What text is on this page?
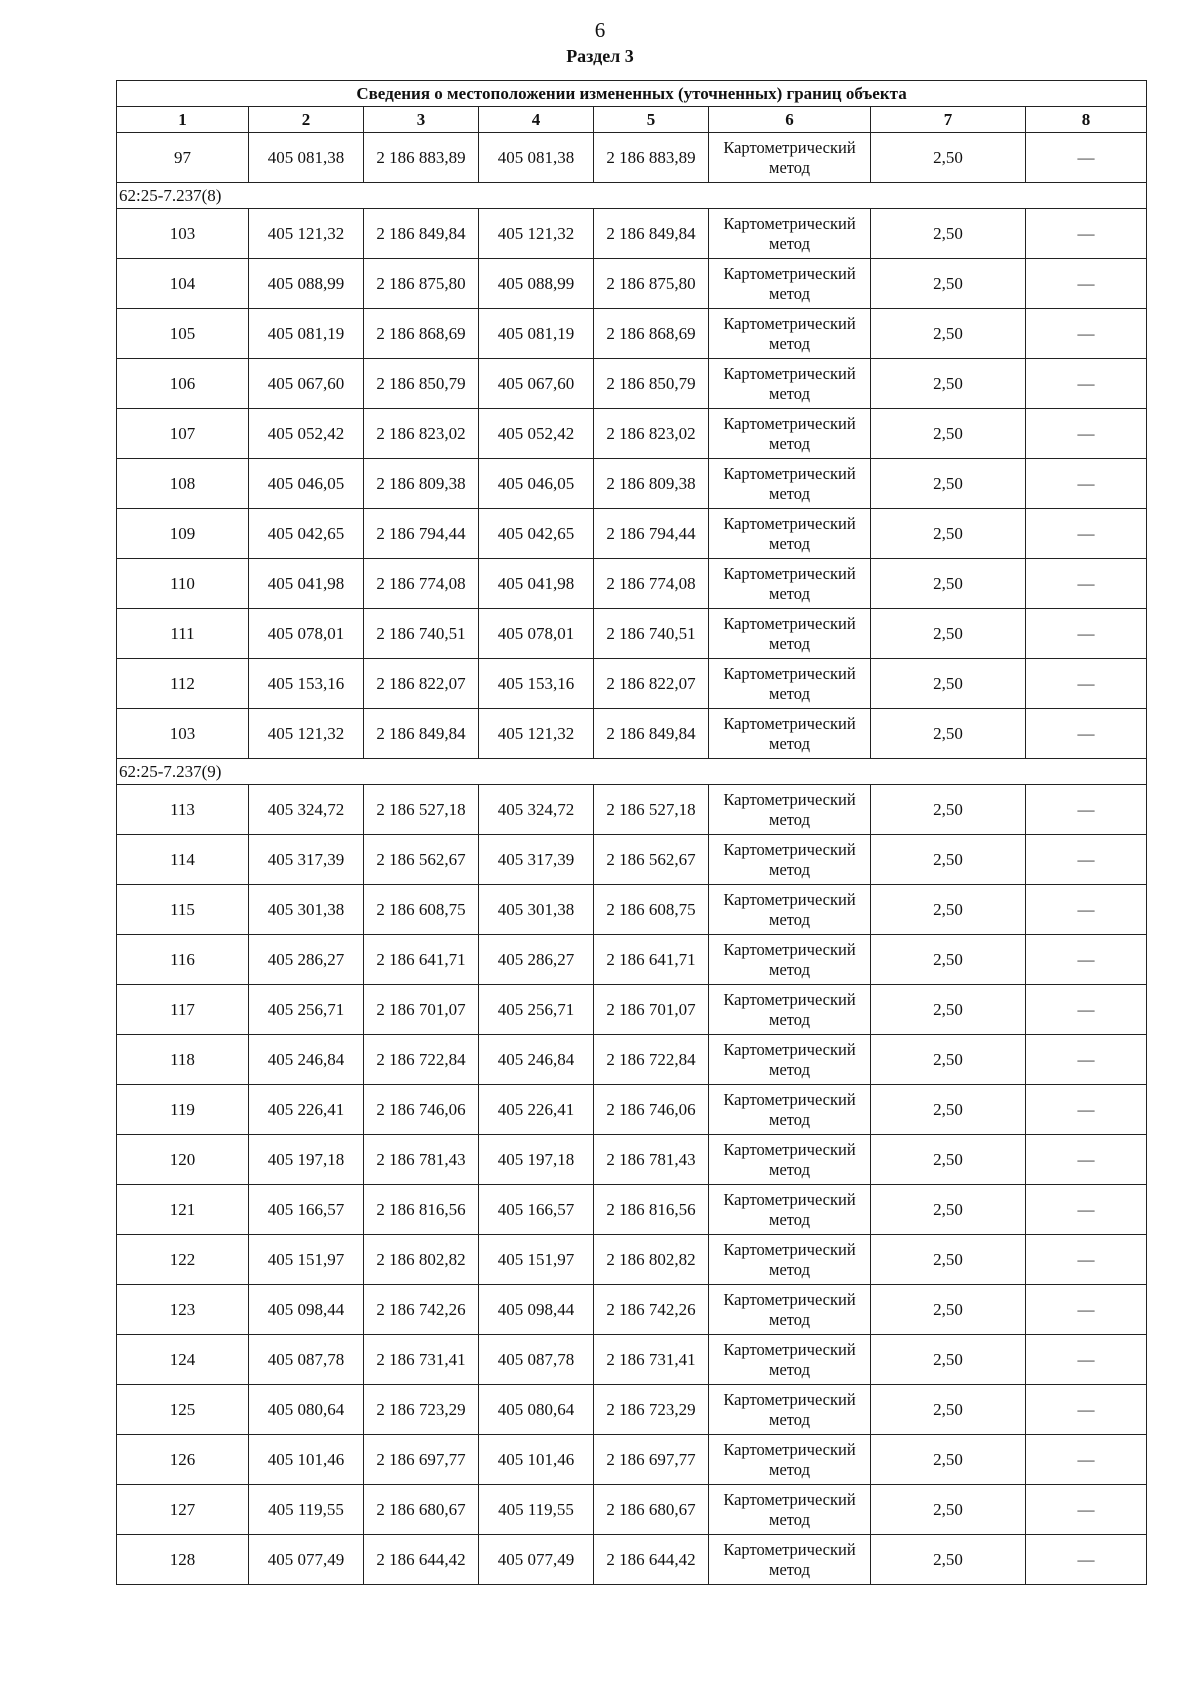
6
Раздел 3
Сведения о местоположении измененных (уточненных) границ объекта							
1	2	3	4	5	6	7	8
97	405 081,38	2 186 883,89	405 081,38	2 186 883,89	Картометрический метод	2,50	—
62:25-7.237(8)							
103	405 121,32	2 186 849,84	405 121,32	2 186 849,84	Картометрический метод	2,50	—
104	405 088,99	2 186 875,80	405 088,99	2 186 875,80	Картометрический метод	2,50	—
105	405 081,19	2 186 868,69	405 081,19	2 186 868,69	Картометрический метод	2,50	—
106	405 067,60	2 186 850,79	405 067,60	2 186 850,79	Картометрический метод	2,50	—
107	405 052,42	2 186 823,02	405 052,42	2 186 823,02	Картометрический метод	2,50	—
108	405 046,05	2 186 809,38	405 046,05	2 186 809,38	Картометрический метод	2,50	—
109	405 042,65	2 186 794,44	405 042,65	2 186 794,44	Картометрический метод	2,50	—
110	405 041,98	2 186 774,08	405 041,98	2 186 774,08	Картометрический метод	2,50	—
111	405 078,01	2 186 740,51	405 078,01	2 186 740,51	Картометрический метод	2,50	—
112	405 153,16	2 186 822,07	405 153,16	2 186 822,07	Картометрический метод	2,50	—
103	405 121,32	2 186 849,84	405 121,32	2 186 849,84	Картометрический метод	2,50	—
62:25-7.237(9)							
113	405 324,72	2 186 527,18	405 324,72	2 186 527,18	Картометрический метод	2,50	—
114	405 317,39	2 186 562,67	405 317,39	2 186 562,67	Картометрический метод	2,50	—
115	405 301,38	2 186 608,75	405 301,38	2 186 608,75	Картометрический метод	2,50	—
116	405 286,27	2 186 641,71	405 286,27	2 186 641,71	Картометрический метод	2,50	—
117	405 256,71	2 186 701,07	405 256,71	2 186 701,07	Картометрический метод	2,50	—
118	405 246,84	2 186 722,84	405 246,84	2 186 722,84	Картометрический метод	2,50	—
119	405 226,41	2 186 746,06	405 226,41	2 186 746,06	Картометрический метод	2,50	—
120	405 197,18	2 186 781,43	405 197,18	2 186 781,43	Картометрический метод	2,50	—
121	405 166,57	2 186 816,56	405 166,57	2 186 816,56	Картометрический метод	2,50	—
122	405 151,97	2 186 802,82	405 151,97	2 186 802,82	Картометрический метод	2,50	—
123	405 098,44	2 186 742,26	405 098,44	2 186 742,26	Картометрический метод	2,50	—
124	405 087,78	2 186 731,41	405 087,78	2 186 731,41	Картометрический метод	2,50	—
125	405 080,64	2 186 723,29	405 080,64	2 186 723,29	Картометрический метод	2,50	—
126	405 101,46	2 186 697,77	405 101,46	2 186 697,77	Картометрический метод	2,50	—
127	405 119,55	2 186 680,67	405 119,55	2 186 680,67	Картометрический метод	2,50	—
128	405 077,49	2 186 644,42	405 077,49	2 186 644,42	Картометрический метод	2,50	—
